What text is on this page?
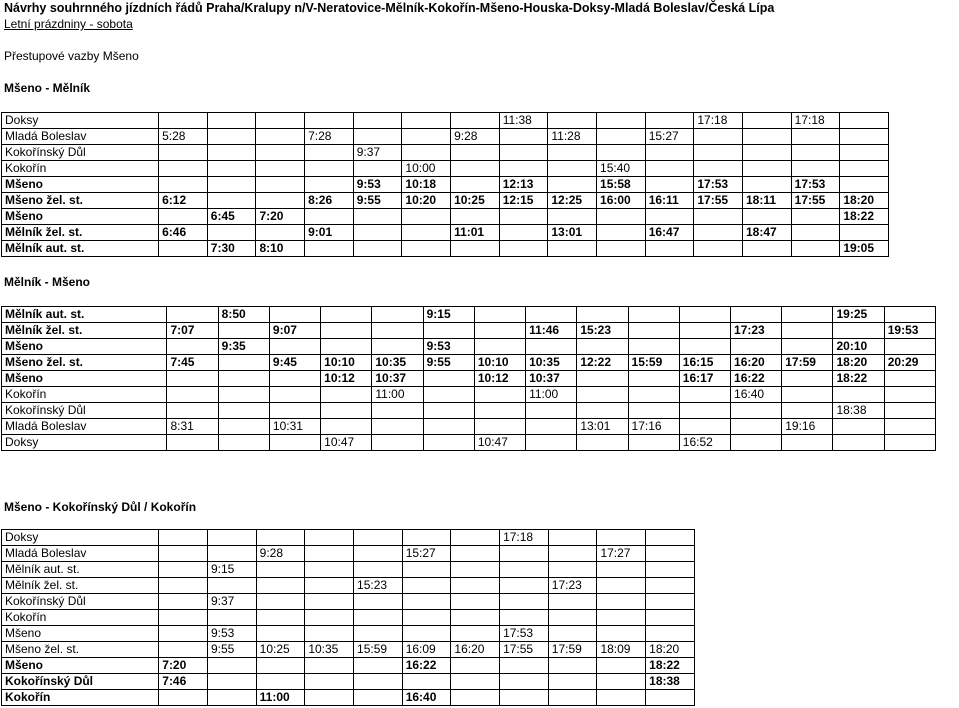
Návrhy souhrnného jízdních řádů Praha/Kralupy n/V-Neratovice-Mělník-Kokořín-Mšeno-Houska-Doksy-Mladá Boleslav/Česká Lípa
Letní prázdniny - sobota
Přestupové vazby Mšeno
Mšeno - Mělník
Doksy								11:38				17:18		17:18	
Mladá Boleslav	5:28			7:28			9:28		11:28		15:27				
Kokořínský Důl					9:37										
Kokořín						10:00				15:40					
Mšeno					9:53	10:18		12:13		15:58		17:53		17:53	
Mšeno žel. st.	6:12			8:26	9:55	10:20	10:25	12:15	12:25	16:00	16:11	17:55	18:11	17:55	18:20
Mšeno		6:45	7:20												18:22
Mělník žel. st.	6:46			9:01			11:01		13:01		16:47		18:47		
Mělník aut. st.		7:30	8:10												19:05
Mělník - Mšeno
Mělník aut. st.		8:50				9:15								19:25	
Mělník žel. st.	7:07		9:07					11:46	15:23			17:23			19:53
Mšeno		9:35				9:53								20:10	
Mšeno žel. st.	7:45		9:45	10:10	10:35	9:55	10:10	10:35	12:22	15:59	16:15	16:20	17:59	18:20	20:29
Mšeno				10:12	10:37		10:12	10:37			16:17	16:22		18:22	
Kokořín					11:00			11:00				16:40			
Kokořínský Důl														18:38	
Mladá Boleslav	8:31		10:31						13:01	17:16			19:16		
Doksy				10:47			10:47				16:52				
Mšeno - Kokořínský Důl / Kokořín
Doksy								17:18			
Mladá Boleslav			9:28			15:27				17:27	
Mělník aut. st.		9:15									
Mělník žel. st.					15:23				17:23		
Kokořínský Důl		9:37									
Kokořín											
Mšeno		9:53						17:53			
Mšeno žel. st.		9:55	10:25	10:35	15:59	16:09	16:20	17:55	17:59	18:09	18:20
Mšeno	7:20					16:22					18:22
Kokořínský Důl	7:46										18:38
Kokořín			11:00			16:40					
